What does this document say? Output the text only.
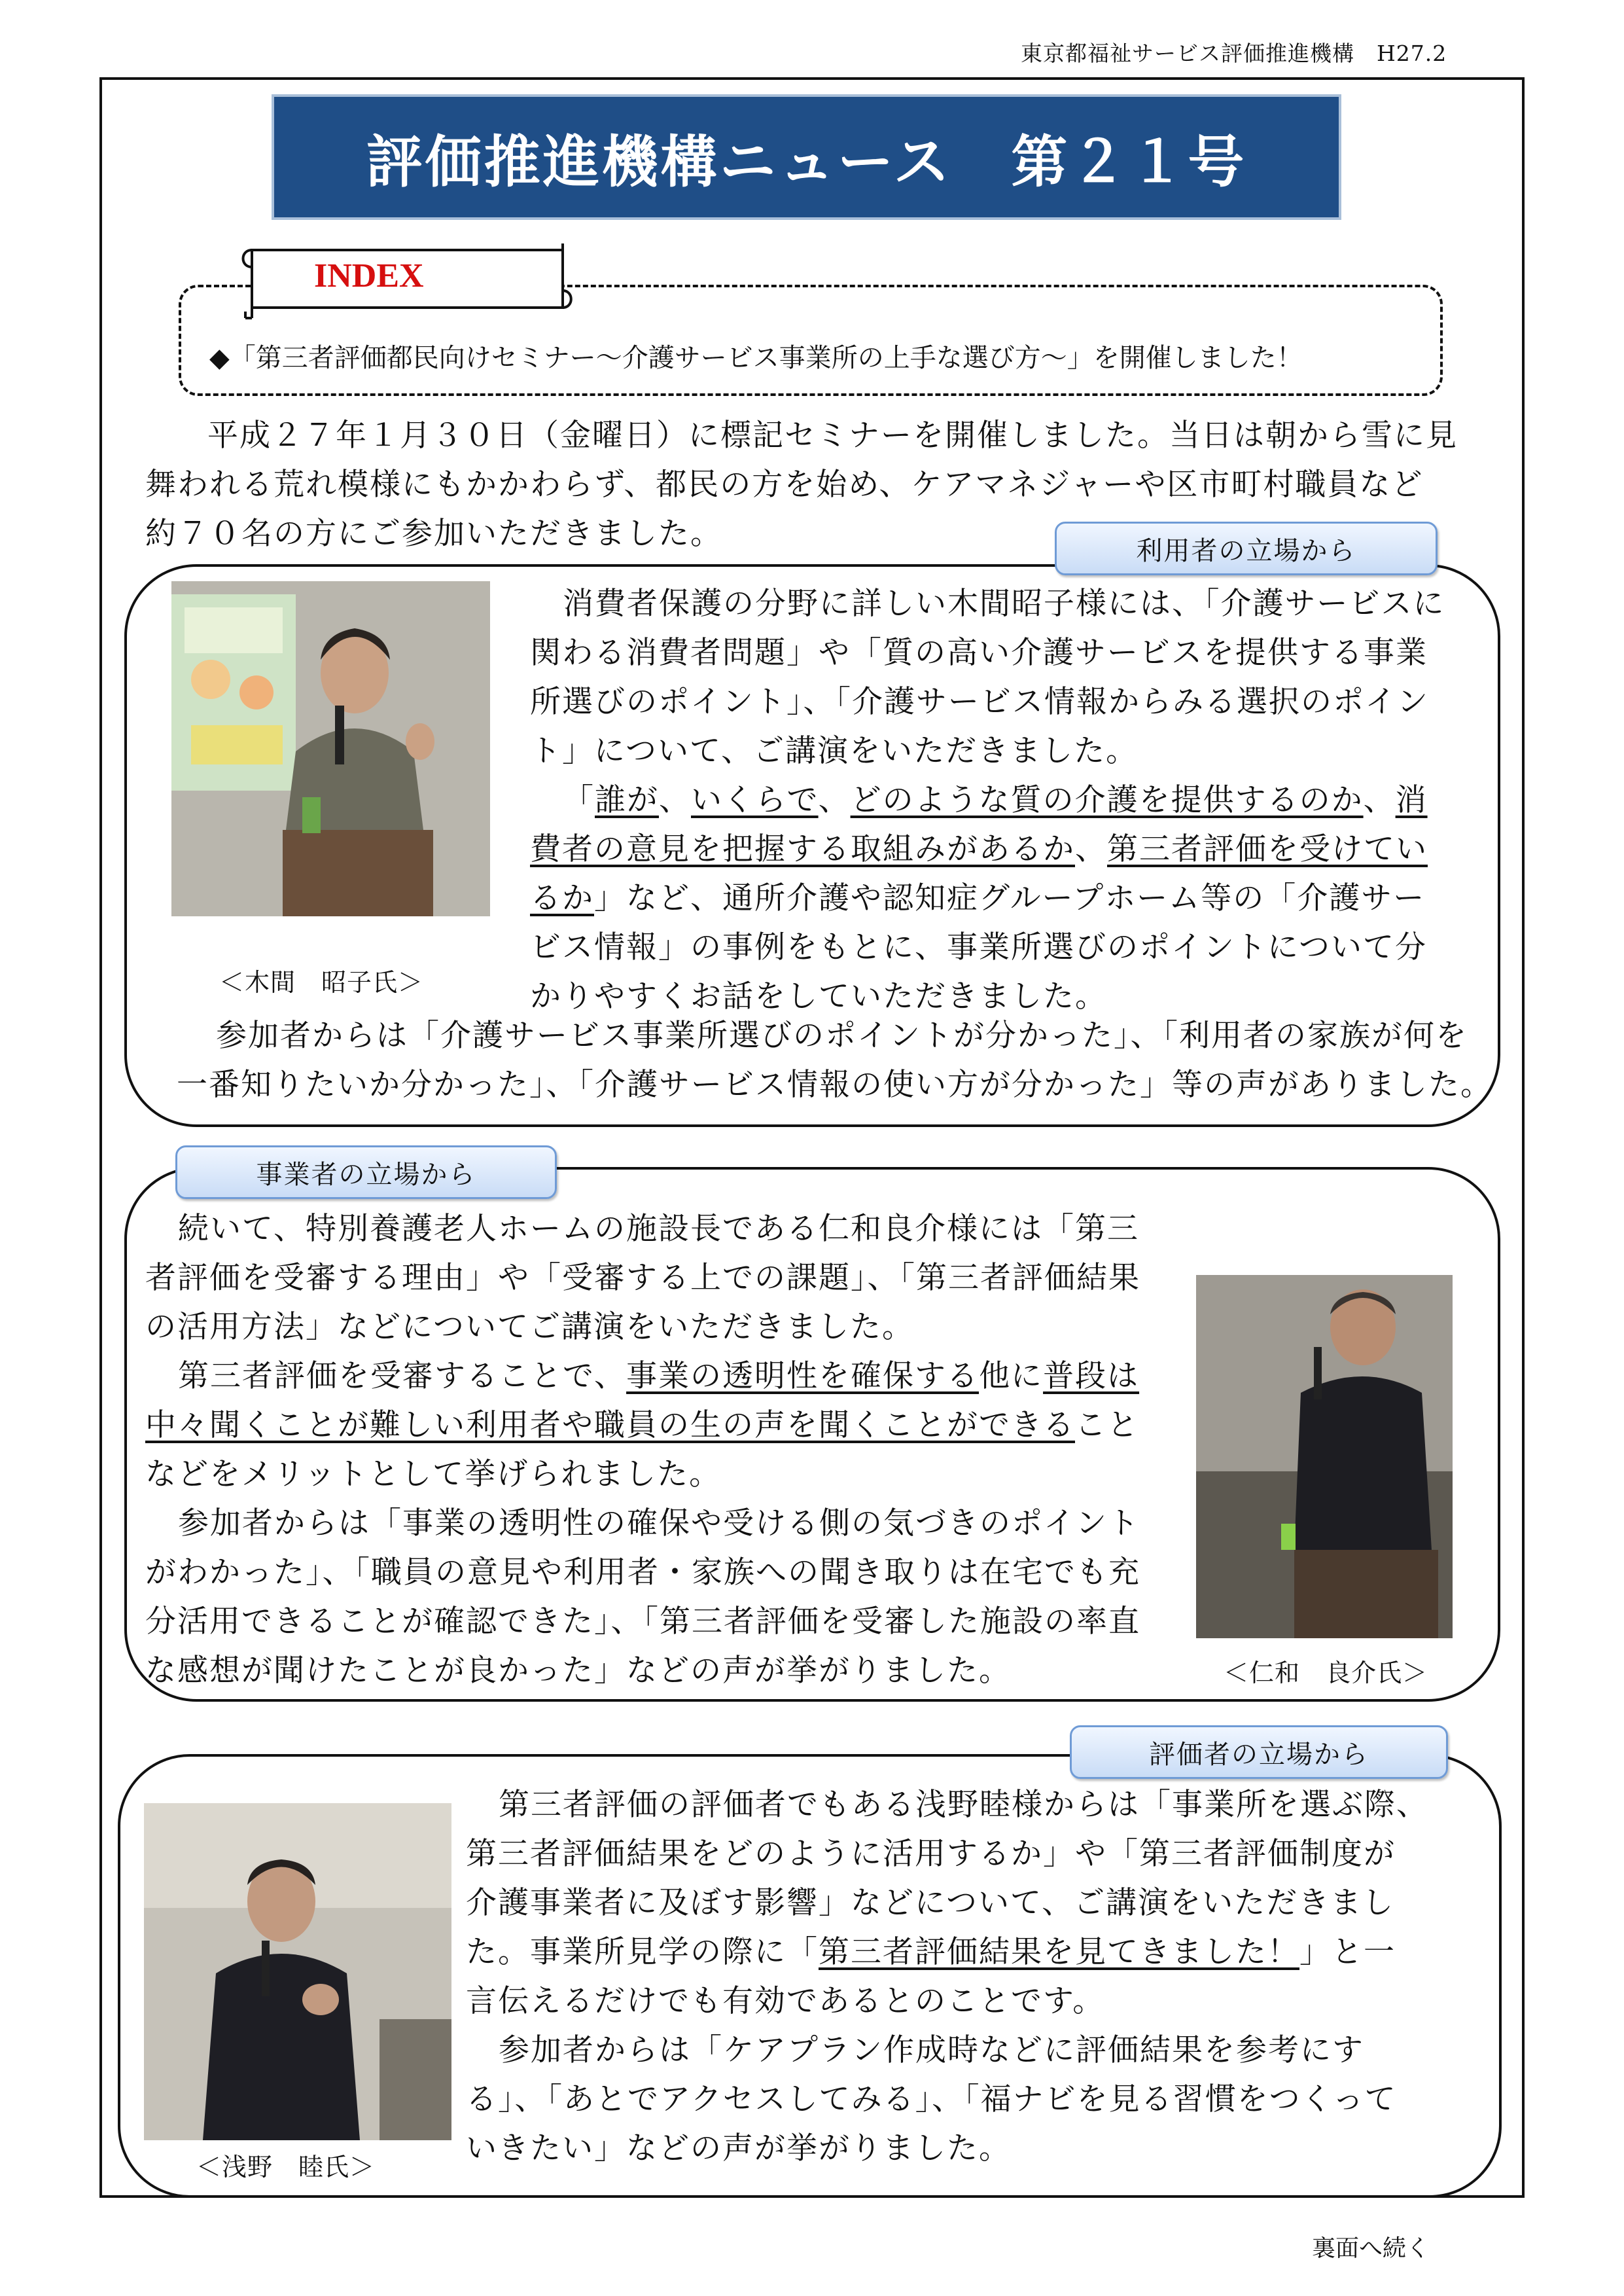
東京都福祉サービス評価推進機構　H27.2
評価推進機構ニュース　第２１号
INDEX
◆「第三者評価都民向けセミナー～介護サービス事業所の上手な選び方～」を開催しました！

平成２７年１月３０日（金曜日）に標記セミナーを開催しました。当日は朝から雪に見

舞われる荒れ模様にもかかわらず、都民の方を始め、ケアマネジャーや区市町村職員など

約７０名の方にご参加いただきました。	利用者の立場から
＜木間　昭子氏＞

消費者保護の分野に詳しい木間昭子様には、「介護サービスに

関わる消費者問題」や「質の高い介護サービスを提供する事業

所選びのポイント」、「介護サービス情報からみる選択のポイン

ト」について、ご講演をいただきました。

「誰が、いくらで、どのような質の介護を提供するのか、消

費者の意見を把握する取組みがあるか、第三者評価を受けてい

るか」など、通所介護や認知症グループホーム等の「介護サー

ビス情報」の事例をもとに、事業所選びのポイントについて分

かりやすくお話をしていただきました。

参加者からは「介護サービス事業所選びのポイントが分かった」、「利用者の家族が何を

一番知りたいか分かった」、「介護サービス情報の使い方が分かった」等の声がありました。

事業者の立場から

続いて、特別養護老人ホームの施設長である仁和良介様には「第三

者評価を受審する理由」や「受審する上での課題」、「第三者評価結果

の活用方法」などについてご講演をいただきました。

第三者評価を受審することで、事業の透明性を確保する他に普段は

中々聞くことが難しい利用者や職員の生の声を聞くことができること

などをメリットとして挙げられました。

参加者からは「事業の透明性の確保や受ける側の気づきのポイント

がわかった」、「職員の意見や利用者・家族への聞き取りは在宅でも充

分活用できることが確認できた」、「第三者評価を受審した施設の率直

な感想が聞けたことが良かった」などの声が挙がりました。	＜仁和　良介氏＞
評価者の立場から
＜浅野　睦氏＞

第三者評価の評価者でもある浅野睦様からは「事業所を選ぶ際、

第三者評価結果をどのように活用するか」や「第三者評価制度が

介護事業者に及ぼす影響」などについて、ご講演をいただきまし

た。事業所見学の際に「第三者評価結果を見てきました！」と一

言伝えるだけでも有効であるとのことです。

参加者からは「ケアプラン作成時などに評価結果を参考にす

る」、「あとでアクセスしてみる」、「福ナビを見る習慣をつくって

いきたい」などの声が挙がりました。

裏面へ続く
